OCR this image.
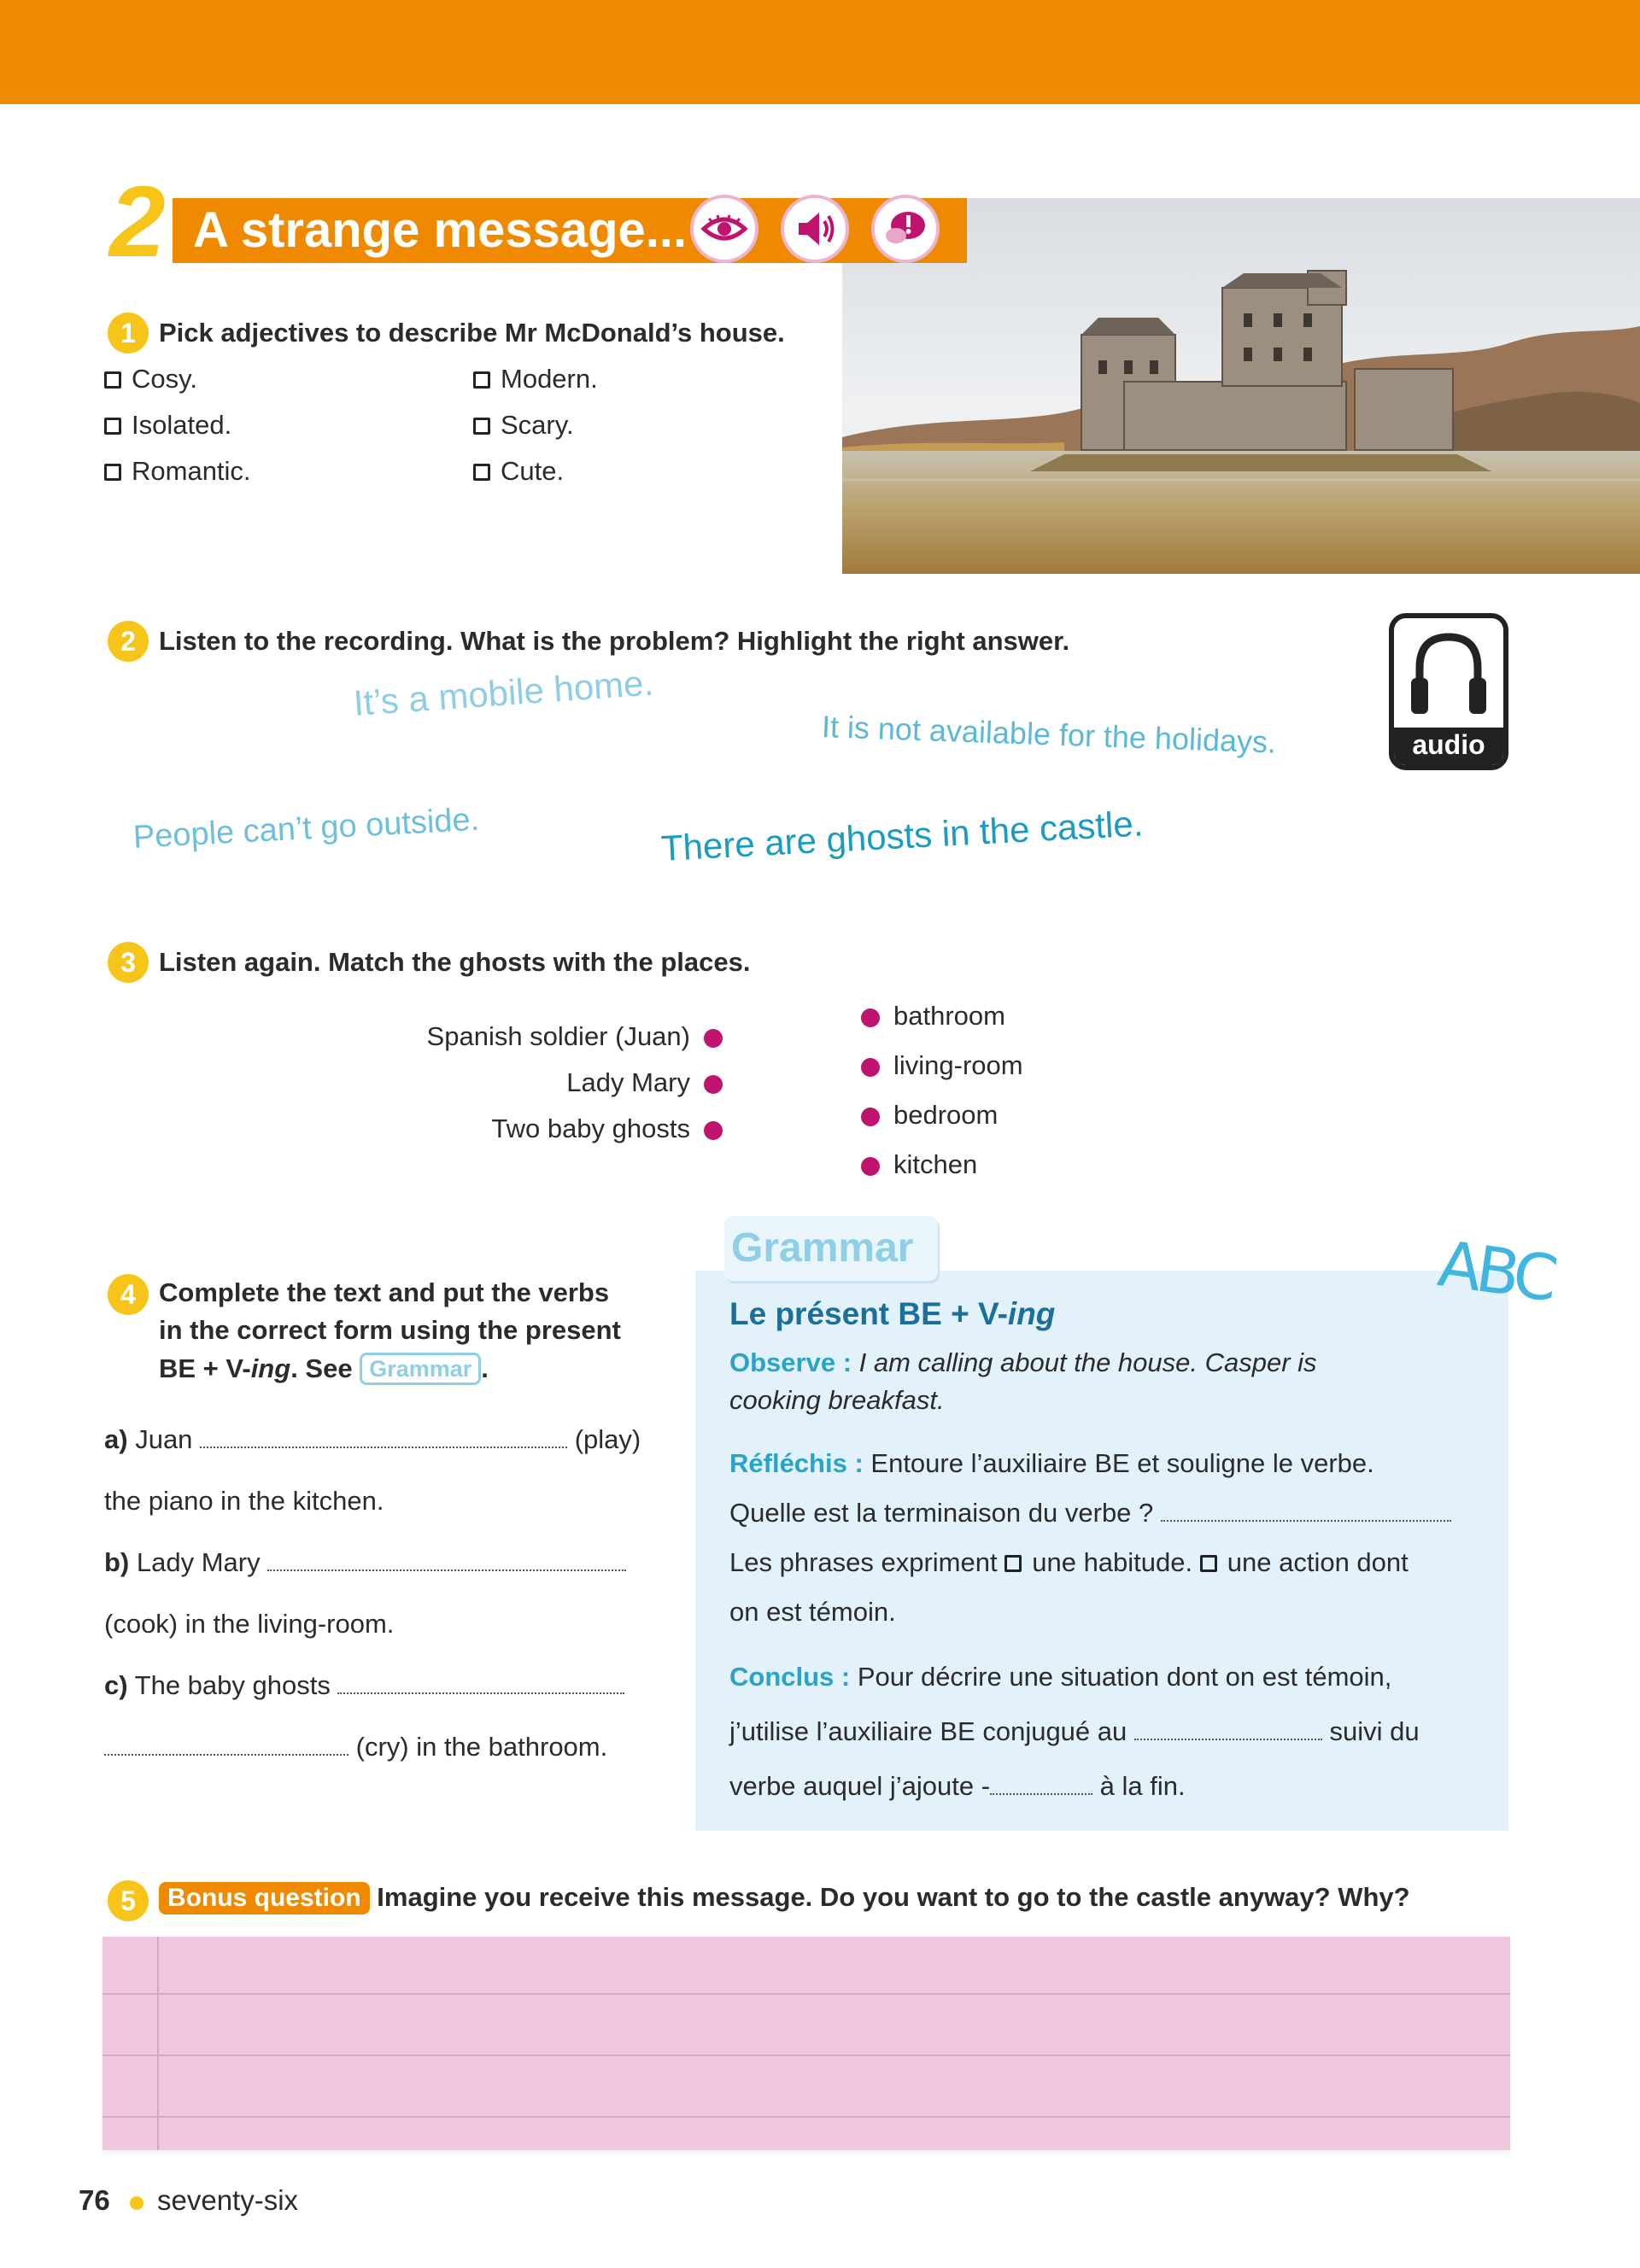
2 A strange message...
1 Pick adjectives to describe Mr McDonald’s house.
Cosy.
Isolated.
Romantic.
Modern.
Scary.
Cute.
2 Listen to the recording. What is the problem? Highlight the right answer.
audio
It’s a mobile home.
It is not available for the holidays.
People can’t go outside.	There are ghosts in the castle.
3 Listen again. Match the ghosts with the places.
Spanish soldier (Juan)
Lady Mary
Two baby ghosts
bathroom
living-room
bedroom
kitchen
4 Complete the text and put the verbs
in the correct form using the present
BE + V-ing. See Grammar .
a) Juan	(play)
the piano in the kitchen.
b) Lady Mary
(cook) in the living-room.
c) The baby ghosts
(cry) in the bathroom.
Grammar	ABC
Le présent BE + V-ing
Observe : I am calling about the house. Casper is
cooking breakfast.
Réfléchis : Entoure l’auxiliaire BE et souligne le verbe.
Quelle est la terminaison du verbe ?
Les phrases expriment une habitude. une action dont
on est témoin.
Conclus : Pour décrire une situation dont on est témoin,
j’utilise l’auxiliaire BE conjugué au	suivi du
verbe auquel j’ajoute -	à la fin.
5	Bonus question Imagine you receive this message. Do you want to go to the castle anyway? Why?
76 seventy-six
